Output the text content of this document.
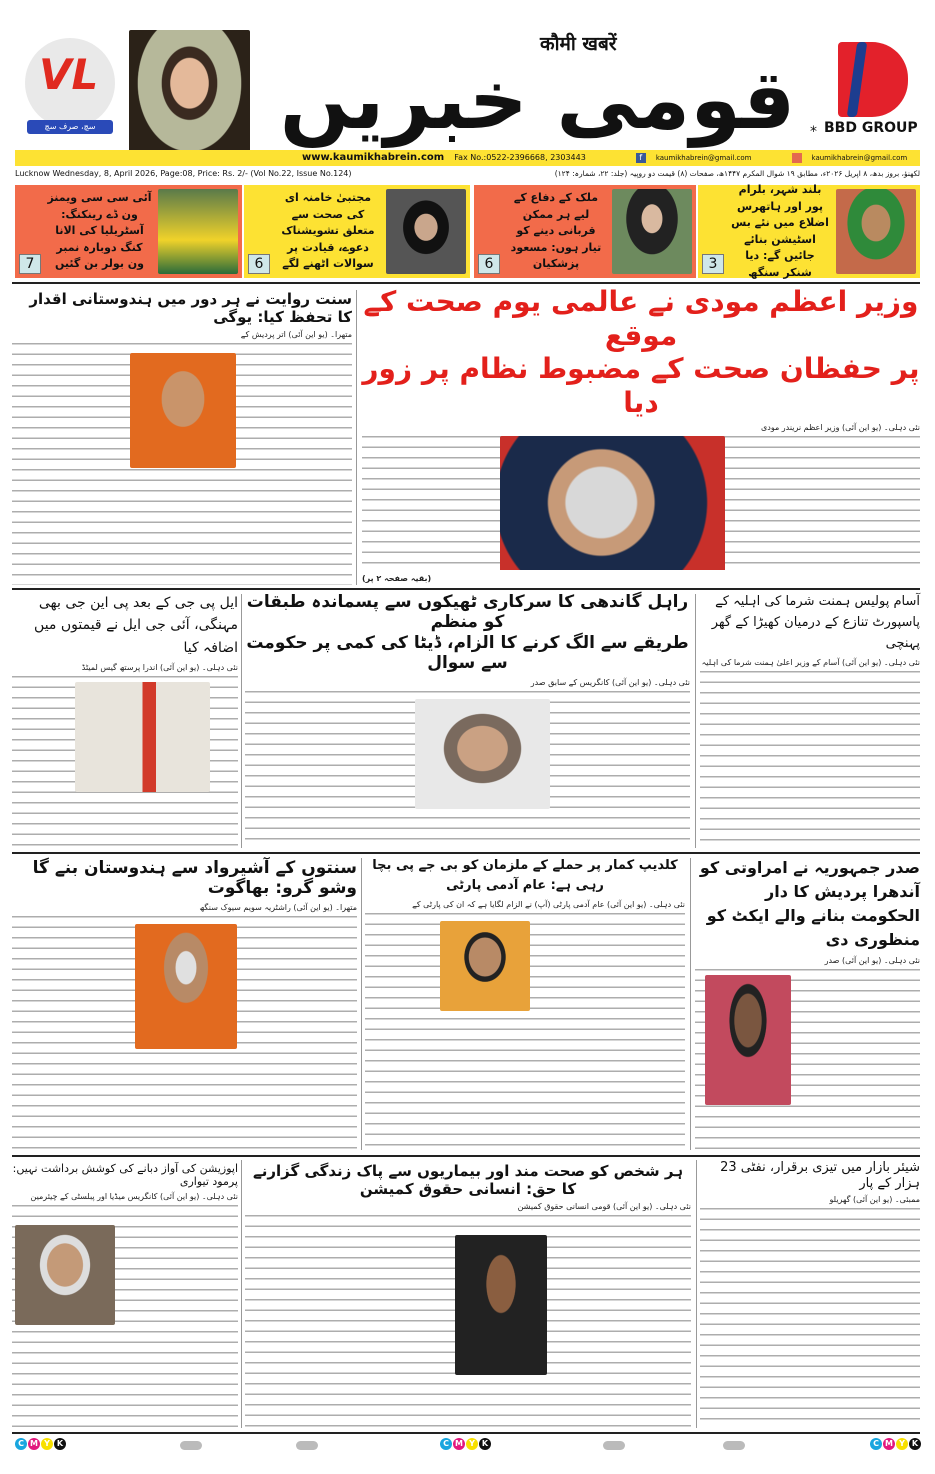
VL
سچ، صرف سچ
कौमी खबरें
قومی خبریں	* BBD GROUP
www.kaumikhabrein.com Fax No.:0522-2396668, 2303443	f	kaumikhabrein@gmail.com	kaumikhabrein@gmail.com
Lucknow Wednesday, 8, April 2026, Page:08, Price: Rs. 2/- (Vol No.22, Issue No.124)	لکھنؤ، بروز بدھ، ۸ اپریل ۲۰۲۶ء، مطابق ۱۹ شوال المکرم ۱۴۴۷ھ، صفحات (۸) قیمت دو روپیہ (جلد: ۲۲، شمارہ: ۱۲۴)
آئی سی سی ویمنز ون ڈے رینکنگ: آسٹریلیا کی الانا کنگ دوبارہ نمبر ون بولر بن گئیں
7
مجتبیٰ خامنہ ای کی صحت سے متعلق تشویشناک دعوے، قیادت پر سوالات اٹھنے لگے
6
ملک کے دفاع کے لیے ہر ممکن قربانی دینے کو تیار ہوں: مسعود پزشکیان
6
بلند شہر، بلرام پور اور ہاتھرس اضلاع میں نئے بس اسٹیشن بنائے جائیں گے: دیا شنکر سنگھ
3
وزیر اعظم مودی نے عالمی یوم صحت کے موقع
پر حفظان صحت کے مضبوط نظام پر زور دیا
نئی دہلی۔ (یو این آئی) وزیر اعظم نریندر مودی
(بقیہ صفحہ ۲ پر)
سنت روایت نے ہر دور میں ہندوستانی اقدار کا تحفظ کیا: یوگی
متھرا۔ (یو این آئی) اتر پردیش کے
آسام پولیس ہمنت شرما کی اہلیہ کے پاسپورٹ تنازع کے درمیان کھیڑا کے گھر پہنچی
نئی دہلی۔ (یو این آئی) آسام کے وزیر اعلیٰ ہمنت شرما کی اہلیہ
راہل گاندھی کا سرکاری ٹھیکوں سے پسماندہ طبقات کو منظم
طریقے سے الگ کرنے کا الزام، ڈیٹا کی کمی پر حکومت سے سوال
نئی دہلی۔ (یو این آئی) کانگریس کے سابق صدر
ایل پی جی کے بعد پی این جی بھی مہنگی، آئی جی ایل نے قیمتوں میں اضافہ کیا
نئی دہلی۔ (یو این آئی) اندرا پرستھ گیس لمیٹڈ
صدر جمہوریہ نے امراوتی کو آندھرا پردیش کا دار الحکومت بنانے والے ایکٹ کو منظوری دی
نئی دہلی۔ (یو این آئی) صدر
کلدیپ کمار پر حملے کے ملزمان کو بی جے پی بچا رہی ہے: عام آدمی پارٹی
نئی دہلی۔ (یو این آئی) عام آدمی پارٹی (آپ) نے الزام لگایا ہے کہ ان کی پارٹی کے
سنتوں کے آشیرواد سے ہندوستان بنے گا وشو گرو: بھاگوت
متھرا۔ (یو این آئی) راشٹریہ سویم سیوک سنگھ
شیئر بازار میں تیزی برقرار، نفٹی 23 ہزار کے پار
ممبئی۔ (یو این آئی) گھریلو
ہر شخص کو صحت مند اور بیماریوں سے پاک زندگی گزارنے کا حق: انسانی حقوق کمیشن
نئی دہلی۔ (یو این آئی) قومی انسانی حقوق کمیشن
اپوزیشن کی آواز دبانے کی کوشش برداشت نہیں: پرمود تیواری
نئی دہلی۔ (یو این آئی) کانگریس میڈیا اور پبلسٹی کے چیئرمین
C M Y K	C M Y K	C M Y K
